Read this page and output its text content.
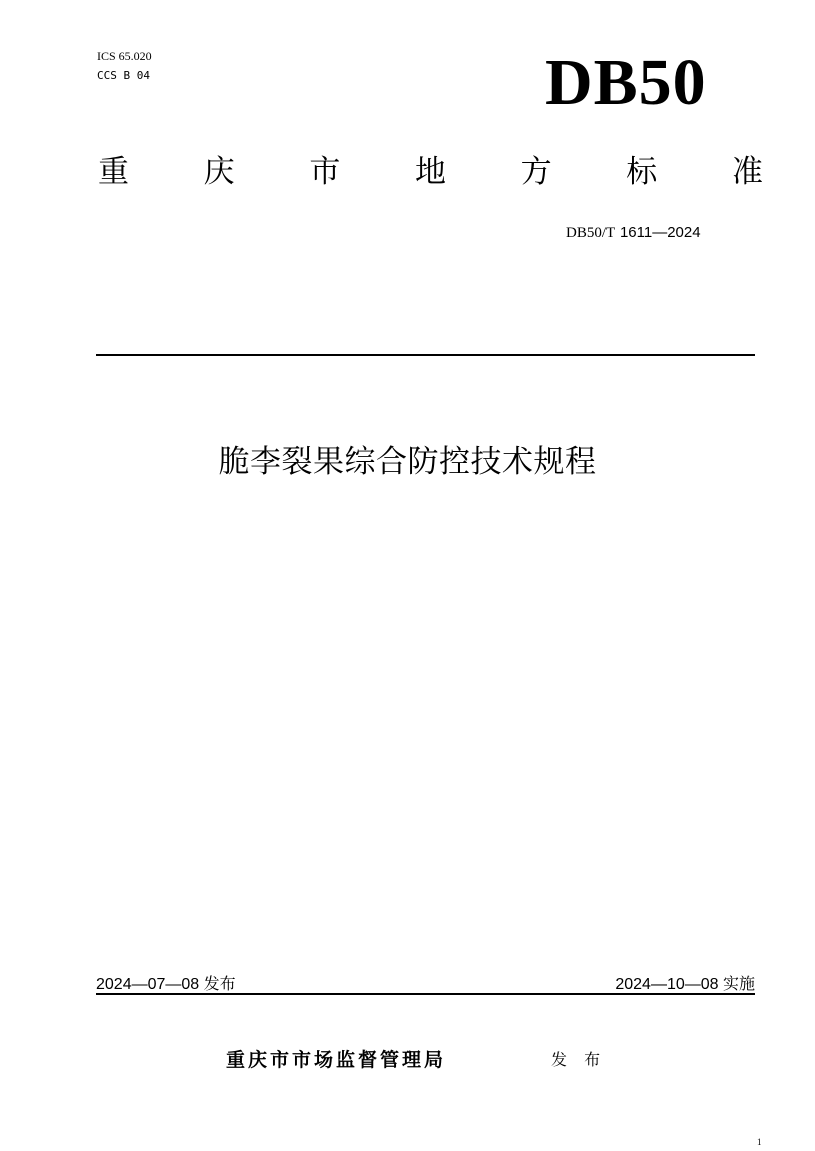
ICS 65.020
CCS B 04	DB50
重 庆 市 地 方 标 准
DB50/T 1611—2024
脆李裂果综合防控技术规程
2024—07—08 发布	2024—10—08 实施
重庆市市场监督管理局	发 布
1
